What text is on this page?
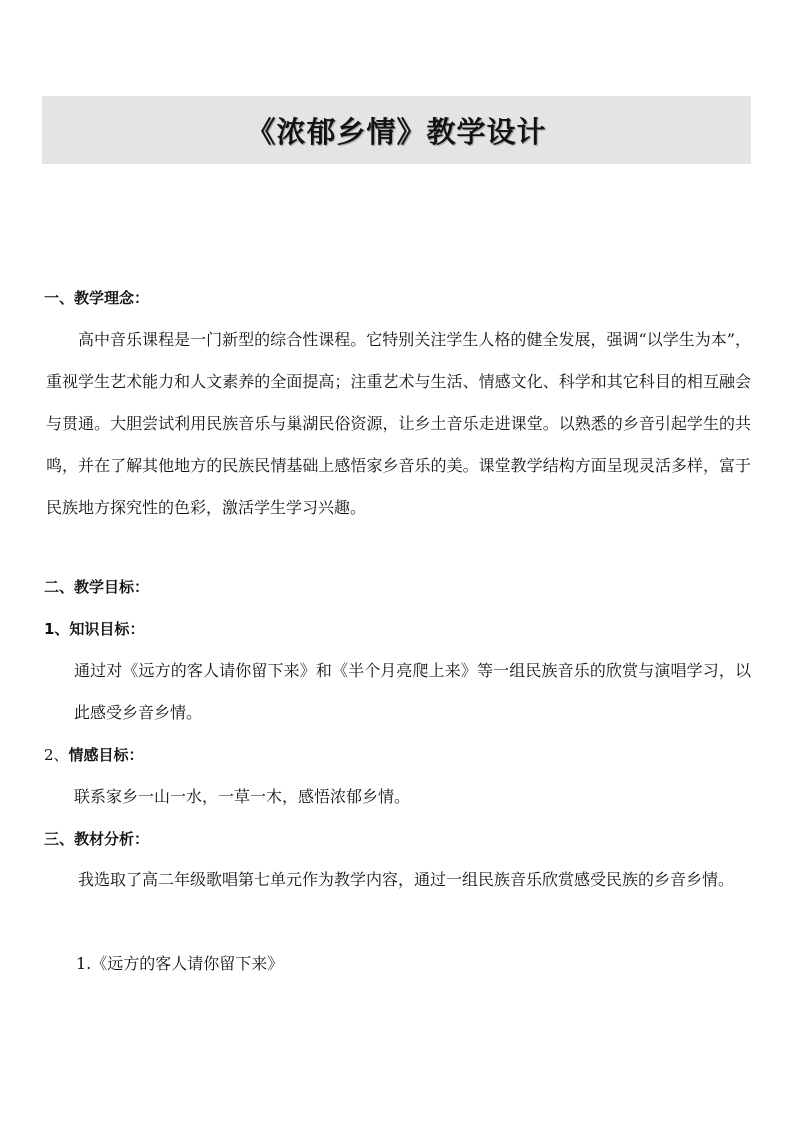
《浓郁乡情》教学设计
一、教学理念：
高中音乐课程是一门新型的综合性课程。它特别关注学生人格的健全发展，强调“以学生为本”，重视学生艺术能力和人文素养的全面提高；注重艺术与生活、情感文化、科学和其它科目的相互融会与贯通。大胆尝试利用民族音乐与巢湖民俗资源，让乡土音乐走进课堂。以熟悉的乡音引起学生的共鸣，并在了解其他地方的民族民情基础上感悟家乡音乐的美。课堂教学结构方面呈现灵活多样，富于民族地方探究性的色彩，激活学生学习兴趣。
二、教学目标：
1、知识目标：
通过对《远方的客人请你留下来》和《半个月亮爬上来》等一组民族音乐的欣赏与演唱学习，以此感受乡音乡情。
2、情感目标：
联系家乡一山一水，一草一木，感悟浓郁乡情。
三、教材分析：
我选取了高二年级歌唱第七单元作为教学内容，通过一组民族音乐欣赏感受民族的乡音乡情。
1.《远方的客人请你留下来》
